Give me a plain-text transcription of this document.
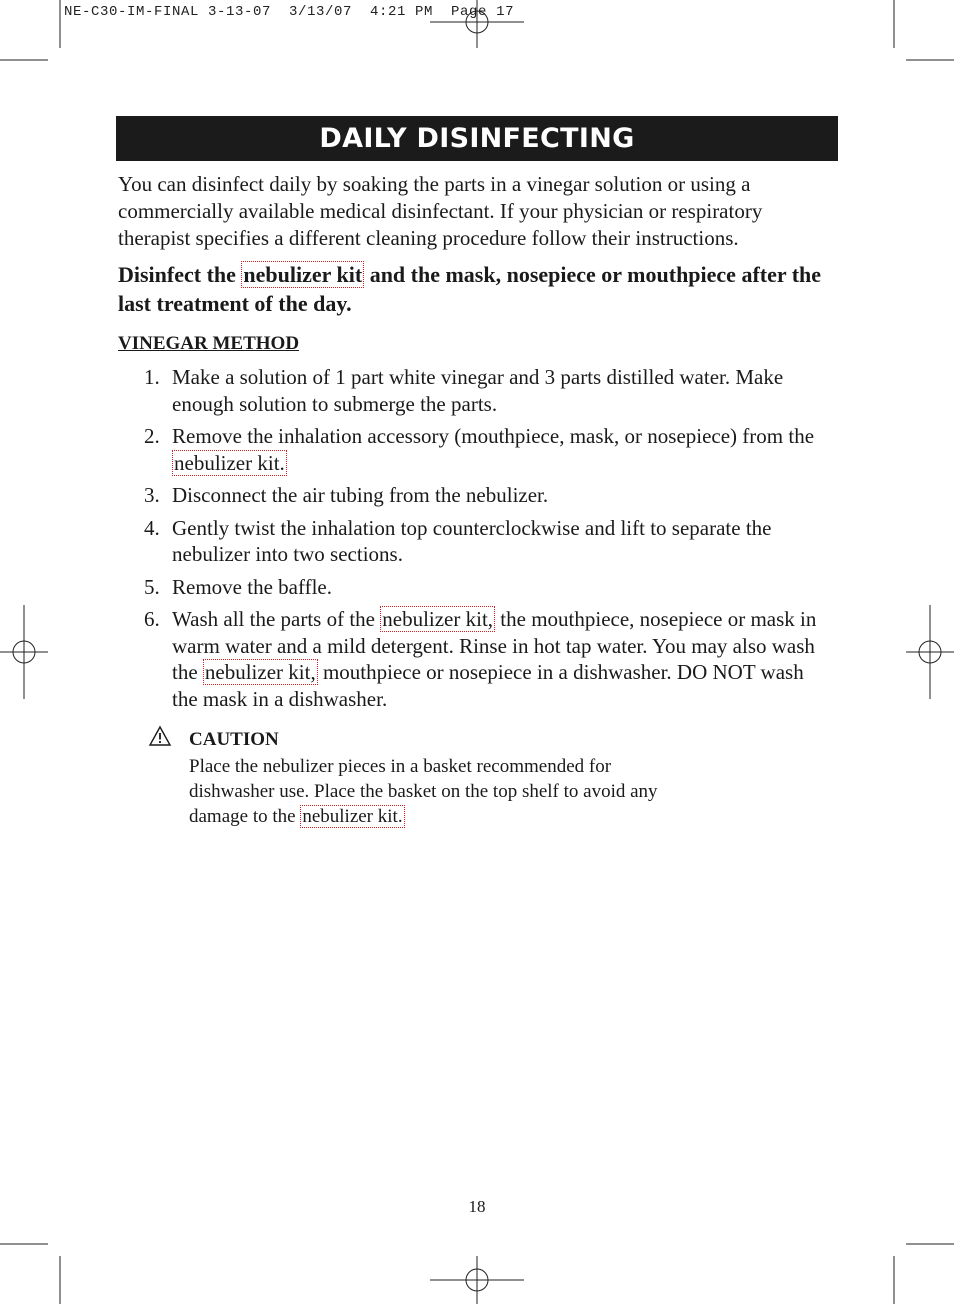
NE-C30-IM-FINAL 3-13-07  3/13/07  4:21 PM  Page 17
DAILY DISINFECTING

You can disinfect daily by soaking the parts in a vinegar solution or using a commercially available medical disinfectant. If your physician or respiratory therapist specifies a different cleaning procedure follow their instructions.

Disinfect the nebulizer kit and the mask, nosepiece or mouthpiece after the last treatment of the day.

VINEGAR METHOD
1. Make a solution of 1 part white vinegar and 3 parts distilled water. Make enough solution to submerge the parts.
2. Remove the inhalation accessory (mouthpiece, mask, or nosepiece) from the nebulizer kit.
3. Disconnect the air tubing from the nebulizer.
4. Gently twist the inhalation top counterclockwise and lift to separate the nebulizer into two sections.
5. Remove the baffle.
6. Wash all the parts of the nebulizer kit, the mouthpiece, nosepiece or mask in warm water and a mild detergent. Rinse in hot tap water. You may also wash the nebulizer kit, mouthpiece or nosepiece in a dishwasher. DO NOT wash the mask in a dishwasher.
CAUTION

Place the nebulizer pieces in a basket recommended for dishwasher use. Place the basket on the top shelf to avoid any damage to the nebulizer kit.

18
